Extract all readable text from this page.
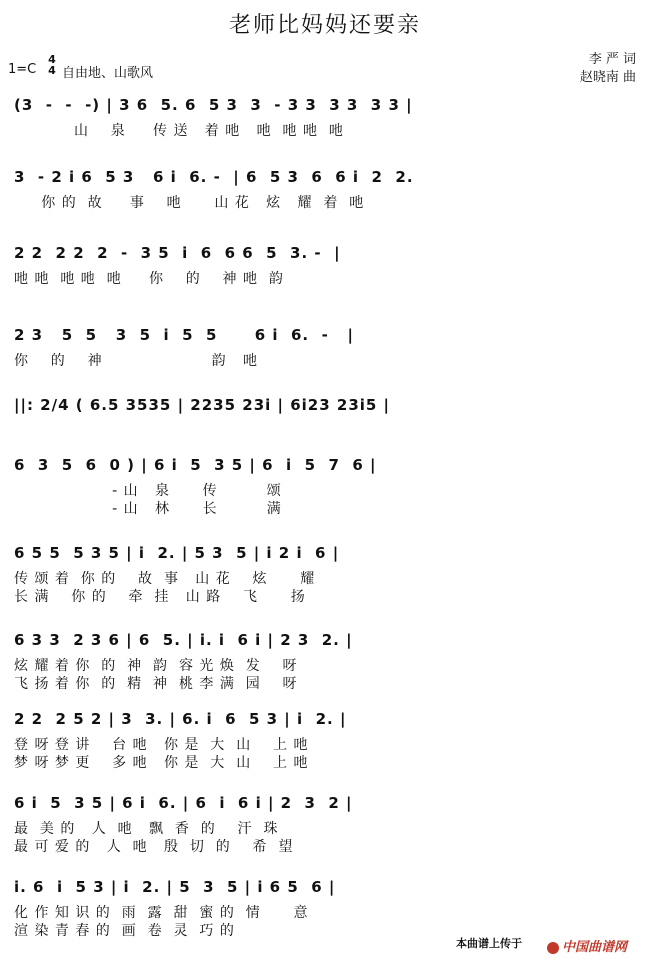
老师比妈妈还要亲
1=C
4
4 自由地、山歌风
李 严 词
赵晓南 曲
(3  -  -  -) | 3 6  5. 6  5 3  3  - 3 3  3 3  3 3 |
山    泉     传 送   着 吔   吔  吔 吔  吔
3  - 2 i 6  5 3   6 i  6. -  | 6  5 3  6  6 i  2  2.
你 的  故     事    吔      山 花   炫   耀  着  吔
2 2  2 2  2  -  3 5  i  6  6 6  5  3. -  |
吔 吔  吔 吔  吔     你    的    神 吔  韵
2 3   5  5   3  5  i  5  5      6 i  6.  -   |
你    的    神                    韵   吔
||: 2/4 ( 6.5 3535 | 2235 23i | 6i23 23i5 |
6  3  5  6  0 ) | 6 i  5  3 5 | 6  i  5  7  6 |
- 山   泉      传         颂
- 山   林      长         满
6 5 5  5 3 5 | i  2. | 5 3  5 | i 2 i  6 |
传 颂 着  你 的    故  事   山 花    炫      耀
长 满    你 的    牵  挂   山 路    飞      扬
6 3 3  2 3 6 | 6  5. | i. i  6 i | 2 3  2. |
炫 耀 着 你  的  神  韵  容 光 焕  发    呀
飞 扬 着 你  的  精  神  桃 李 满  园    呀
2 2  2 5 2 | 3  3. | 6. i  6  5 3 | i  2. |
登 呀 登 讲    台 吔   你 是  大  山    上 吔
梦 呀 梦 更    多 吔   你 是  大  山    上 吔
6 i  5  3 5 | 6 i  6. | 6  i  6 i | 2  3  2 |
最  美 的   人  吔   飘  香  的    汗  珠
最 可 爱 的   人  吔   殷  切  的    希  望
i. 6  i  5 3 | i  2. | 5  3  5 | i 6 5  6 |
化 作 知 识 的  雨  露  甜  蜜 的  情      意
渲 染 青 春 的  画  卷  灵  巧 的
本曲谱上传于	中国曲谱网
